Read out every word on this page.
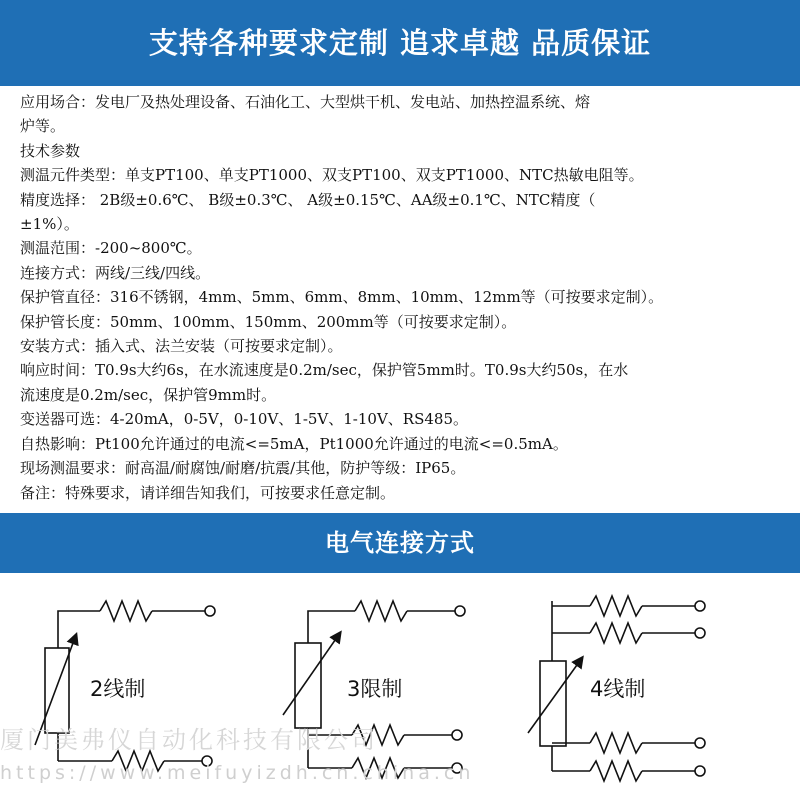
支持各种要求定制 追求卓越 品质保证
应用场合：发电厂及热处理设备、石油化工、大型烘干机、发电站、加热控温系统、熔
炉等。
技术参数
测温元件类型：单支PT100、单支PT1000、双支PT100、双支PT1000、NTC热敏电阻等。
精度选择： 2B级±0.6℃、 B级±0.3℃、 A级±0.15℃、AA级±0.1℃、NTC精度（
±1%）。
测温范围：-200~800℃。
连接方式：两线/三线/四线。
保护管直径：316不锈钢，4mm、5mm、6mm、8mm、10mm、12mm等（可按要求定制）。
保护管长度：50mm、100mm、150mm、200mm等（可按要求定制）。
安装方式：插入式、法兰安装（可按要求定制）。
响应时间：T0.9s大约6s，在水流速度是0.2m/sec，保护管5mm时。T0.9s大约50s，在水
流速度是0.2m/sec，保护管9mm时。
变送器可选：4-20mA，0-5V，0-10V、1-5V、1-10V、RS485。
自热影响：Pt100允许通过的电流<=5mA，Pt1000允许通过的电流<=0.5mA。
现场测温要求：耐高温/耐腐蚀/耐磨/抗震/其他，防护等级：IP65。
备注：特殊要求，请详细告知我们，可按要求任意定制。
电气连接方式
2线制	3限制	4线制
厦门美弗仪自动化科技有限公司
https://www.meifuyizdh.cn.china.cn
